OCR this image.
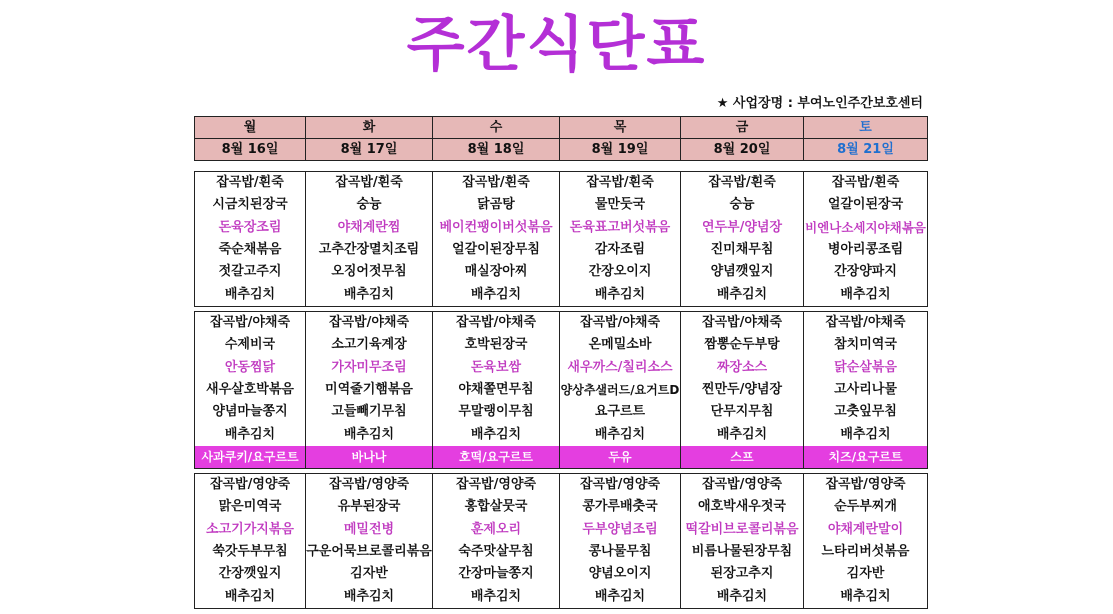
주간식단표
★ 사업장명 : 부여노인주간보호센터
월	화	수	목	금	토
8월 16일	8월 17일	8월 18일	8월 19일	8월 20일	8월 21일
잡곡밥/흰죽	잡곡밥/흰죽	잡곡밥/흰죽	잡곡밥/흰죽	잡곡밥/흰죽	잡곡밥/흰죽
시금치된장국	숭늉	닭곰탕	물만둣국	숭늉	얼갈이된장국
돈육장조림	야채계란찜	베이컨팽이버섯볶음	돈육표고버섯볶음	연두부/양념장	비엔나소세지야채볶음
죽순채볶음	고추간장멸치조림	얼갈이된장무침	감자조림	진미채무침	병아리콩조림
젓갈고주지	오징어젓무침	매실장아찌	간장오이지	양념깻잎지	간장양파지
배추김치	배추김치	배추김치	배추김치	배추김치	배추김치
잡곡밥/야채죽	잡곡밥/야채죽	잡곡밥/야채죽	잡곡밥/야채죽	잡곡밥/야채죽	잡곡밥/야채죽
수제비국	소고기육계장	호박된장국	온메밀소바	짬뽕순두부탕	참치미역국
안동찜닭	가자미무조림	돈육보쌈	새우까스/칠리소스	짜장소스	닭순살볶음
새우살호박볶음	미역줄기햄볶음	야채쫄면무침	양상추샐러드/요거트D	찐만두/양념장	고사리나물
양념마늘쫑지	고들빼기무침	무말랭이무침	요구르트	단무지무침	고춧잎무침
배추김치	배추김치	배추김치	배추김치	배추김치	배추김치
사과쿠키/요구르트	바나나	호떡/요구르트	두유	스프	치즈/요구르트
잡곡밥/영양죽	잡곡밥/영양죽	잡곡밥/영양죽	잡곡밥/영양죽	잡곡밥/영양죽	잡곡밥/영양죽
맑은미역국	유부된장국	홍합살뭇국	콩가루배춧국	애호박새우젓국	순두부찌개
소고기가지볶음	메밀전병	훈제오리	두부양념조림	떡갈비브로콜리볶음	야채계란말이
쑥갓두부무침	구운어묵브로콜리볶음	숙주맛살무침	콩나물무침	비름나물된장무침	느타리버섯볶음
간장깻잎지	김자반	간장마늘쫑지	양념오이지	된장고추지	김자반
배추김치	배추김치	배추김치	배추김치	배추김치	배추김치
